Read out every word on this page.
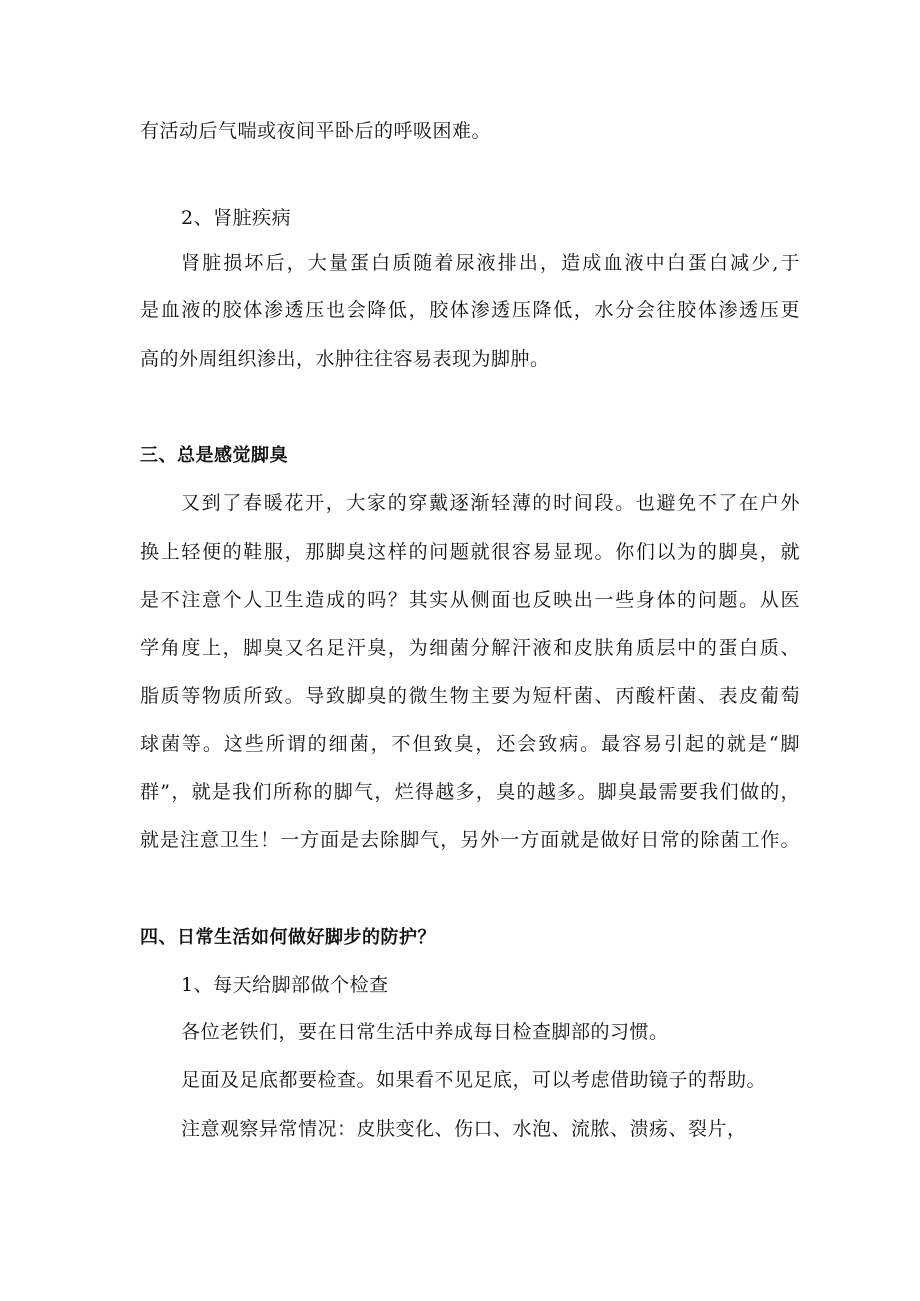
有活动后气喘或夜间平卧后的呼吸困难。
2、肾脏疾病
肾脏损坏后，大量蛋白质随着尿液排出，造成血液中白蛋白减少,于
是血液的胶体渗透压也会降低，胶体渗透压降低，水分会往胶体渗透压更
高的外周组织渗出，水肿往往容易表现为脚肿。
三、总是感觉脚臭
又到了春暖花开，大家的穿戴逐渐轻薄的时间段。也避免不了在户外
换上轻便的鞋服，那脚臭这样的问题就很容易显现。你们以为的脚臭，就
是不注意个人卫生造成的吗？其实从侧面也反映出一些身体的问题。从医
学角度上，脚臭又名足汗臭，为细菌分解汗液和皮肤角质层中的蛋白质、
脂质等物质所致。导致脚臭的微生物主要为短杆菌、丙酸杆菌、表皮葡萄
球菌等。这些所谓的细菌，不但致臭，还会致病。最容易引起的就是“脚
群”，就是我们所称的脚气，烂得越多，臭的越多。脚臭最需要我们做的，
就是注意卫生！一方面是去除脚气，另外一方面就是做好日常的除菌工作。
四、日常生活如何做好脚步的防护？
1、每天给脚部做个检查
各位老铁们，要在日常生活中养成每日检查脚部的习惯。
足面及足底都要检查。如果看不见足底，可以考虑借助镜子的帮助。
注意观察异常情况：皮肤变化、伤口、水泡、流脓、溃疡、裂片，
